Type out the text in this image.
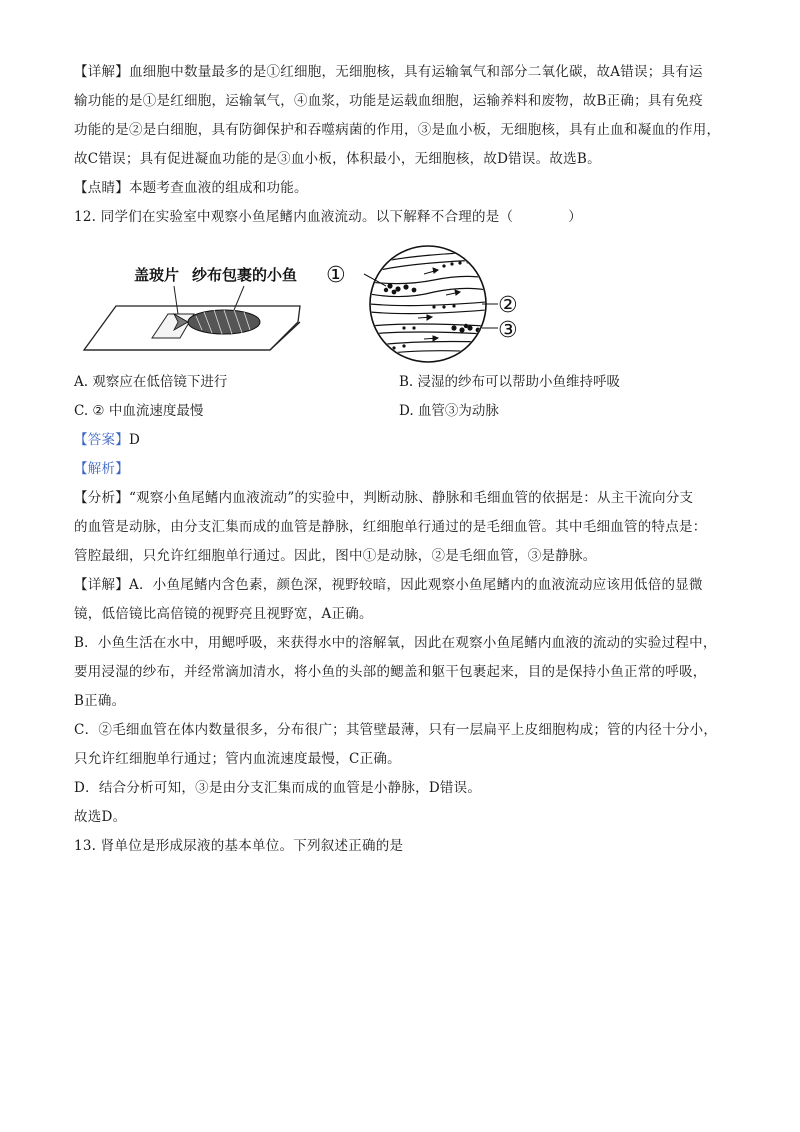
【详解】血细胞中数量最多的是①红细胞，无细胞核，具有运输氧气和部分二氧化碳，故A错误；具有运
输功能的是①是红细胞，运输氧气，④血浆，功能是运载血细胞，运输养料和废物，故B正确；具有免疫
功能的是②是白细胞，具有防御保护和吞噬病菌的作用，③是血小板，无细胞核，具有止血和凝血的作用，
故C错误；具有促进凝血功能的是③血小板，体积最小，无细胞核，故D错误。故选B。
【点睛】本题考查血液的组成和功能。
12. 同学们在实验室中观察小鱼尾鳍内血液流动。以下解释不合理的是（　　　　）
盖玻片 纱布包裹的小鱼 ①
②
③
A. 观察应在低倍镜下进行	B. 浸湿的纱布可以帮助小鱼维持呼吸
C. ② 中血流速度最慢	D. 血管③为动脉
【答案】D
【解析】
【分析】“观察小鱼尾鳍内血液流动”的实验中，判断动脉、静脉和毛细血管的依据是：从主干流向分支
的血管是动脉，由分支汇集而成的血管是静脉，红细胞单行通过的是毛细血管。其中毛细血管的特点是：
管腔最细，只允许红细胞单行通过。因此，图中①是动脉，②是毛细血管，③是静脉。
【详解】A．小鱼尾鳍内含色素，颜色深，视野较暗，因此观察小鱼尾鳍内的血液流动应该用低倍的显微
镜，低倍镜比高倍镜的视野亮且视野宽，A正确。
B．小鱼生活在水中，用鳃呼吸，来获得水中的溶解氧，因此在观察小鱼尾鳍内血液的流动的实验过程中，
要用浸湿的纱布，并经常滴加清水，将小鱼的头部的鳃盖和躯干包裹起来，目的是保持小鱼正常的呼吸，
B正确。
C．②毛细血管在体内数量很多，分布很广；其管壁最薄，只有一层扁平上皮细胞构成；管的内径十分小，
只允许红细胞单行通过；管内血流速度最慢，C正确。
D．结合分析可知，③是由分支汇集而成的血管是小静脉，D错误。
故选D。
13. 肾单位是形成尿液的基本单位。下列叙述正确的是
